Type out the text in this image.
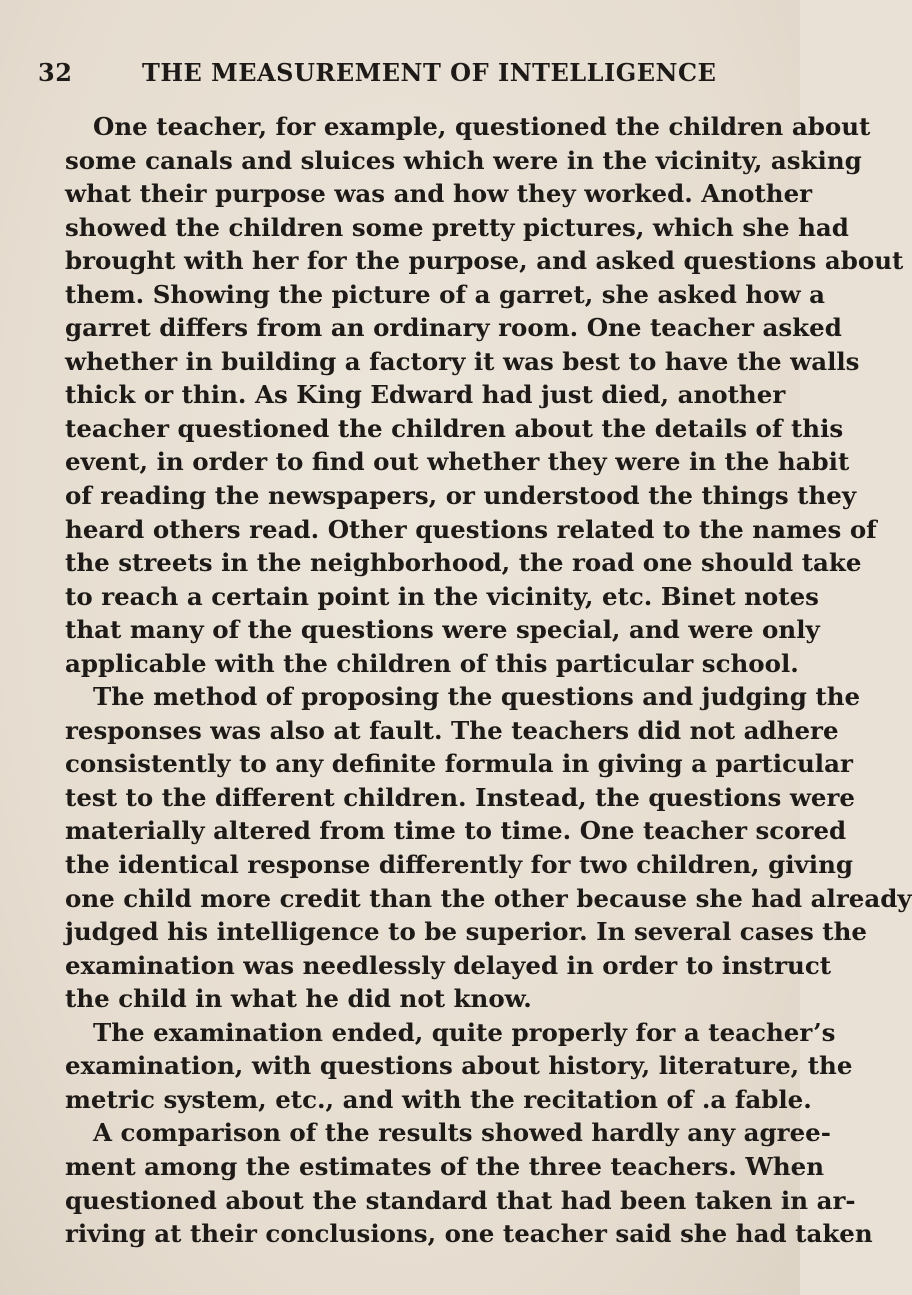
32	THE MEASUREMENT OF INTELLIGENCE
One teacher, for example, questioned the children about
some canals and sluices which were in the vicinity, asking
what their purpose was and how they worked. Another
showed the children some pretty pictures, which she had
brought with her for the purpose, and asked questions about
them. Showing the picture of a garret, she asked how a
garret differs from an ordinary room. One teacher asked
whether in building a factory it was best to have the walls
thick or thin. As King Edward had just died, another
teacher questioned the children about the details of this
event, in order to find out whether they were in the habit
of reading the newspapers, or understood the things they
heard others read. Other questions related to the names of
the streets in the neighborhood, the road one should take
to reach a certain point in the vicinity, etc. Binet notes
that many of the questions were special, and were only
applicable with the children of this particular school.
The method of proposing the questions and judging the
responses was also at fault. The teachers did not adhere
consistently to any definite formula in giving a particular
test to the different children. Instead, the questions were
materially altered from time to time. One teacher scored
the identical response differently for two children, giving
one child more credit than the other because she had already
judged his intelligence to be superior. In several cases the
examination was needlessly delayed in order to instruct
the child in what he did not know.
The examination ended, quite properly for a teacher’s
examination, with questions about history, literature, the
metric system, etc., and with the recitation of .a fable.
A comparison of the results showed hardly any agree-
ment among the estimates of the three teachers. When
questioned about the standard that had been taken in ar-
riving at their conclusions, one teacher said she had taken
